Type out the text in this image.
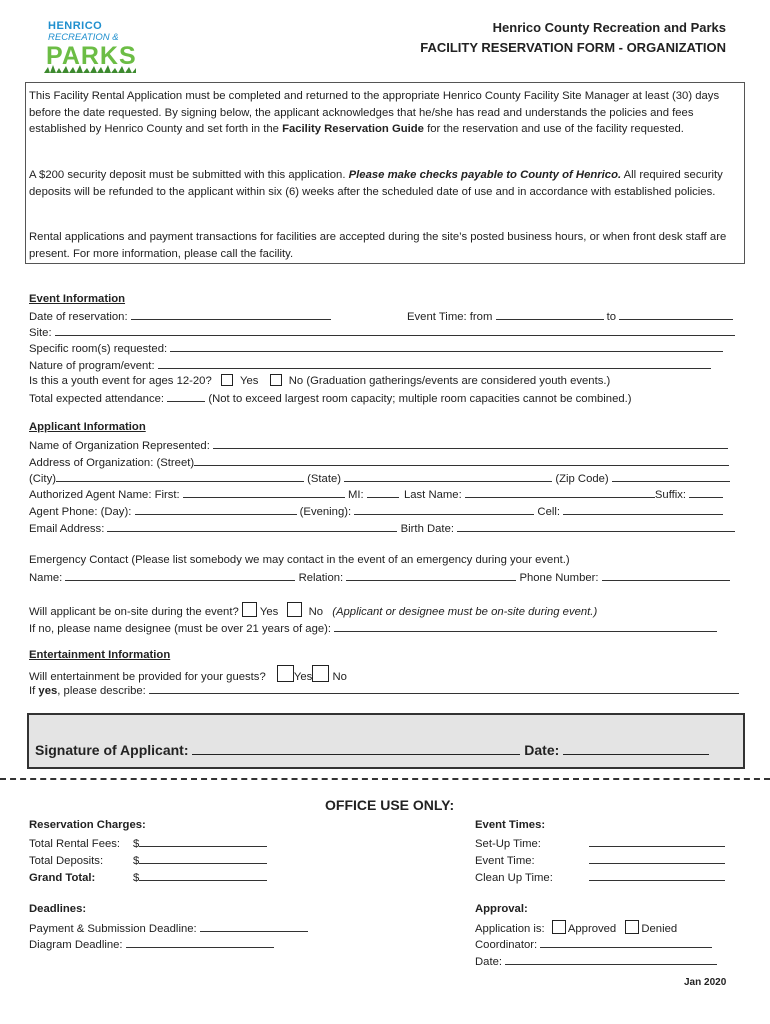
HENRICO
RECREATION &
PARKS
Henrico County Recreation and Parks
FACILITY RESERVATION FORM - ORGANIZATION
This Facility Rental Application must be completed and returned to the appropriate Henrico County Facility Site Manager at least (30) days before the date requested. By signing below, the applicant acknowledges that he/she has read and understands the policies and fees established by Henrico County and set forth in the Facility Reservation Guide for the reservation and use of the facility requested.
A $200 security deposit must be submitted with this application. Please make checks payable to County of Henrico. All required security deposits will be refunded to the applicant within six (6) weeks after the scheduled date of use and in accordance with established policies.
Rental applications and payment transactions for facilities are accepted during the site’s posted business hours, or when front desk staff are present. For more information, please call the facility.
Event Information
Date of reservation:	Event Time: from	to
Site:
Specific room(s) requested:
Nature of program/event:
Is this a youth event for ages 12-20?	Yes	No (Graduation gatherings/events are considered youth events.)
Total expected attendance:	(Not to exceed largest room capacity; multiple room capacities cannot be combined.)
Applicant Information
Name of Organization Represented:
Address of Organization: (Street)
(City)	(State)	(Zip Code)
Authorized Agent Name: First:	MI:	Last Name:	Suffix:
Agent Phone: (Day):	(Evening):	Cell:
Email Address:	Birth Date:
Emergency Contact (Please list somebody we may contact in the event of an emergency during your event.)
Name:	Relation:	Phone Number:
Will applicant be on-site during the event? Yes	No (Applicant or designee must be on-site during event.)
If no, please name designee (must be over 21 years of age):
Entertainment Information
Will entertainment be provided for your guests? Yes No
If yes, please describe:
Signature of Applicant:	Date:
OFFICE USE ONLY:
Reservation Charges:
Total Rental Fees: $
Total Deposits:	$
Grand Total:	$
Event Times:
Set-Up Time:
Event Time:
Clean Up Time:
Deadlines:
Payment & Submission Deadline:
Diagram Deadline:
Approval:
Application is: Approved Denied
Coordinator:
Date:
Jan 2020
